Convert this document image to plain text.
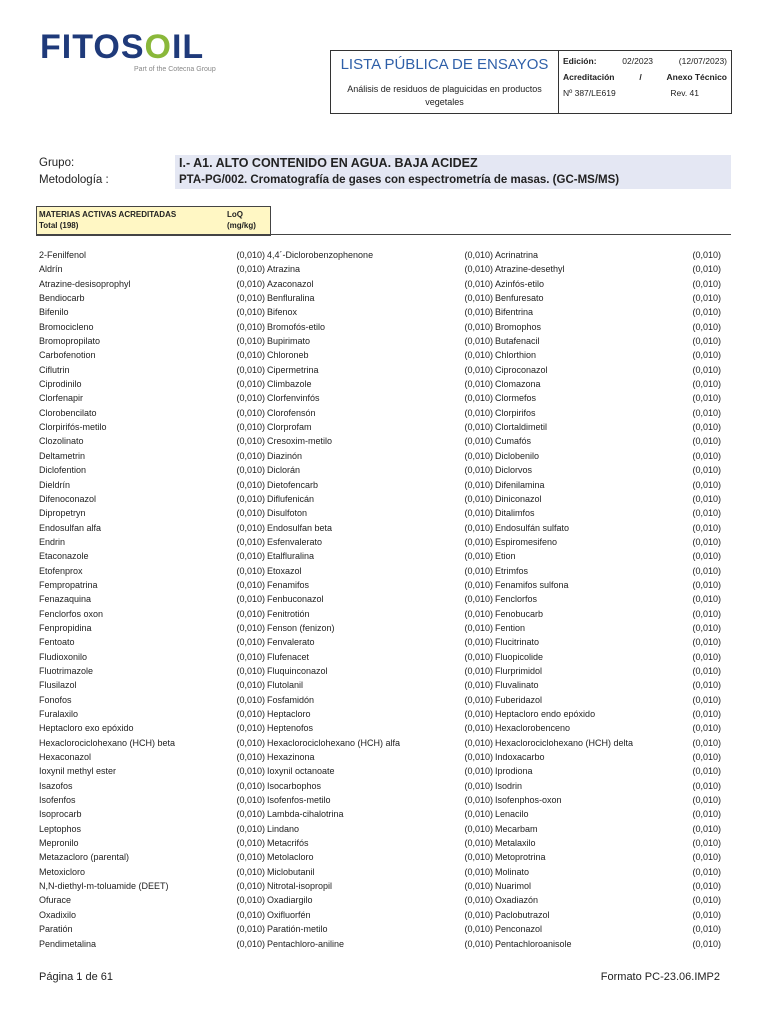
FITOSOIL
Part of the Cotecna Group	LISTA PÚBLICA DE ENSAYOS
Análisis de residuos de plaguicidas en productos vegetales
Edición:	02/2023	(12/07/2023)
Acreditación	/	Anexo Técnico
Nº 387/LE619	Rev. 41
Grupo:	I.- A1. ALTO CONTENIDO EN AGUA. BAJA ACIDEZ
Metodología :	PTA-PG/002. Cromatografía de gases con espectrometría de masas. (GC-MS/MS)
MATERIAS ACTIVAS ACREDITADAS
Total (198)
LoQ
(mg/kg)
2-Fenilfenol	(0,010) 4,4´-Diclorobenzophenone	(0,010) Acrinatrina	(0,010)
Aldrín	(0,010) Atrazina	(0,010) Atrazine-desethyl	(0,010)
Atrazine-desisoprophyl	(0,010) Azaconazol	(0,010) Azinfós-etilo	(0,010)
Bendiocarb	(0,010) Benfluralina	(0,010) Benfuresato	(0,010)
Bifenilo	(0,010) Bifenox	(0,010) Bifentrina	(0,010)
Bromocicleno	(0,010) Bromofós-etilo	(0,010) Bromophos	(0,010)
Bromopropilato	(0,010) Bupirimato	(0,010) Butafenacil	(0,010)
Carbofenotion	(0,010) Chloroneb	(0,010) Chlorthion	(0,010)
Ciflutrin	(0,010) Cipermetrina	(0,010) Ciproconazol	(0,010)
Ciprodinilo	(0,010) Climbazole	(0,010) Clomazona	(0,010)
Clorfenapir	(0,010) Clorfenvinfós	(0,010) Clormefos	(0,010)
Clorobencilato	(0,010) Clorofensón	(0,010) Clorpirifos	(0,010)
Clorpirifós-metilo	(0,010) Clorprofam	(0,010) Clortaldimetil	(0,010)
Clozolinato	(0,010) Cresoxim-metilo	(0,010) Cumafós	(0,010)
Deltametrin	(0,010) Diazinón	(0,010) Diclobenilo	(0,010)
Diclofention	(0,010) Diclorán	(0,010) Diclorvos	(0,010)
Dieldrín	(0,010) Dietofencarb	(0,010) Difenilamina	(0,010)
Difenoconazol	(0,010) Diflufenicán	(0,010) Diniconazol	(0,010)
Dipropetryn	(0,010) Disulfoton	(0,010) Ditalimfos	(0,010)
Endosulfan alfa	(0,010) Endosulfan beta	(0,010) Endosulfán sulfato	(0,010)
Endrin	(0,010) Esfenvalerato	(0,010) Espiromesifeno	(0,010)
Etaconazole	(0,010) Etalfluralina	(0,010) Etion	(0,010)
Etofenprox	(0,010) Etoxazol	(0,010) Etrimfos	(0,010)
Fempropatrina	(0,010) Fenamifos	(0,010) Fenamifos sulfona	(0,010)
Fenazaquina	(0,010) Fenbuconazol	(0,010) Fenclorfos	(0,010)
Fenclorfos oxon	(0,010) Fenitrotión	(0,010) Fenobucarb	(0,010)
Fenpropidina	(0,010) Fenson (fenizon)	(0,010) Fention	(0,010)
Fentoato	(0,010) Fenvalerato	(0,010) Flucitrinato	(0,010)
Fludioxonilo	(0,010) Flufenacet	(0,010) Fluopicolide	(0,010)
Fluotrimazole	(0,010) Fluquinconazol	(0,010) Flurprimidol	(0,010)
Flusilazol	(0,010) Flutolanil	(0,010) Fluvalinato	(0,010)
Fonofos	(0,010) Fosfamidón	(0,010) Fuberidazol	(0,010)
Furalaxilo	(0,010) Heptacloro	(0,010) Heptacloro endo epóxido	(0,010)
Heptacloro exo epóxido	(0,010) Heptenofos	(0,010) Hexaclorobenceno	(0,010)
Hexaclorociclohexano (HCH) beta	(0,010) Hexaclorociclohexano (HCH) alfa	(0,010) Hexaclorociclohexano (HCH) delta	(0,010)
Hexaconazol	(0,010) Hexazinona	(0,010) Indoxacarbo	(0,010)
Ioxynil methyl ester	(0,010) Ioxynil octanoate	(0,010) Iprodiona	(0,010)
Isazofos	(0,010) Isocarbophos	(0,010) Isodrin	(0,010)
Isofenfos	(0,010) Isofenfos-metilo	(0,010) Isofenphos-oxon	(0,010)
Isoprocarb	(0,010) Lambda-cihalotrina	(0,010) Lenacilo	(0,010)
Leptophos	(0,010) Lindano	(0,010) Mecarbam	(0,010)
Mepronilo	(0,010) Metacrifós	(0,010) Metalaxilo	(0,010)
Metazacloro (parental)	(0,010) Metolacloro	(0,010) Metoprotrina	(0,010)
Metoxicloro	(0,010) Miclobutanil	(0,010) Molinato	(0,010)
N,N-diethyl-m-toluamide (DEET)	(0,010) Nitrotal-isopropil	(0,010) Nuarimol	(0,010)
Ofurace	(0,010) Oxadiargilo	(0,010) Oxadiazón	(0,010)
Oxadixilo	(0,010) Oxifluorfén	(0,010) Paclobutrazol	(0,010)
Paratión	(0,010) Paratión-metilo	(0,010) Penconazol	(0,010)
Pendimetalina	(0,010) Pentachloro-aniline	(0,010) Pentachloroanisole	(0,010)
Página 1 de 61	Formato PC-23.06.IMP2
